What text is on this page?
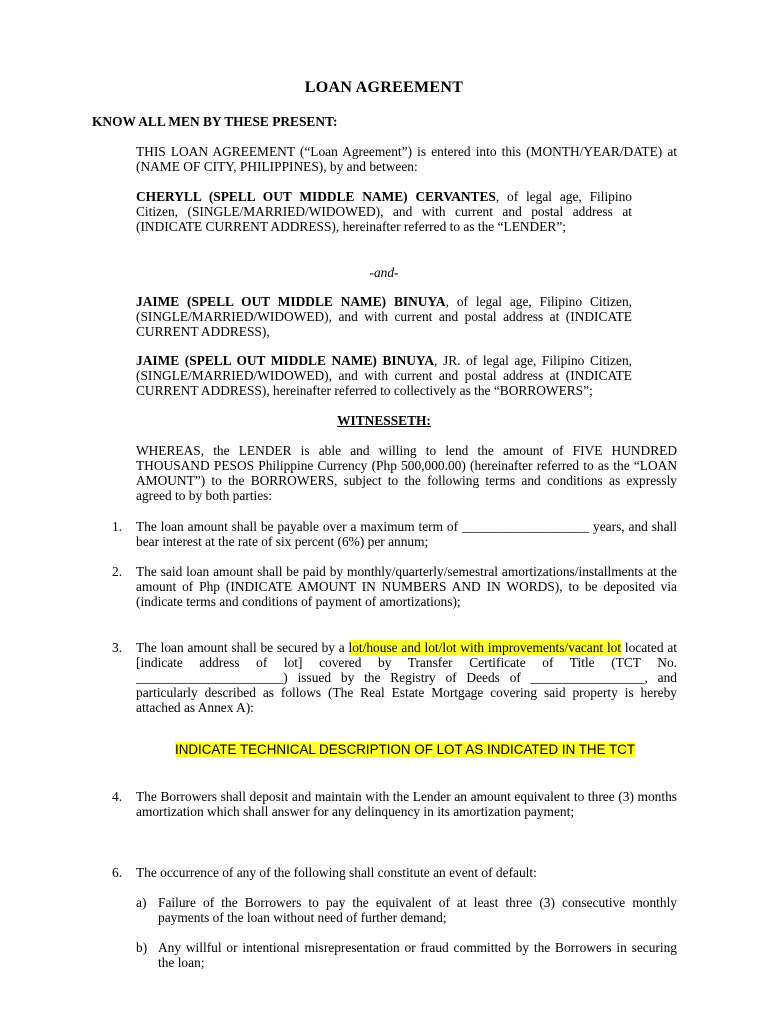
LOAN AGREEMENT
KNOW ALL MEN BY THESE PRESENT:

THIS LOAN AGREEMENT (“Loan Agreement”) is entered into this (MONTH/YEAR/DATE) at (NAME OF CITY, PHILIPPINES), by and between:

CHERYLL (SPELL OUT MIDDLE NAME) CERVANTES, of legal age, Filipino Citizen, (SINGLE/MARRIED/WIDOWED), and with current and postal address at (INDICATE CURRENT ADDRESS), hereinafter referred to as the “LENDER”;

-and-

JAIME (SPELL OUT MIDDLE NAME) BINUYA, of legal age, Filipino Citizen, (SINGLE/MARRIED/WIDOWED), and with current and postal address at (INDICATE CURRENT ADDRESS),

JAIME (SPELL OUT MIDDLE NAME) BINUYA, JR. of legal age, Filipino Citizen, (SINGLE/MARRIED/WIDOWED), and with current and postal address at (INDICATE CURRENT ADDRESS), hereinafter referred to collectively as the “BORROWERS”;

WITNESSETH:

WHEREAS, the LENDER is able and willing to lend the amount of FIVE HUNDRED THOUSAND PESOS Philippine Currency (Php 500,000.00) (hereinafter referred to as the “LOAN AMOUNT”) to the BORROWERS, subject to the following terms and conditions as expressly agreed to by both parties:

1. The loan amount shall be payable over a maximum term of ___________________ years, and shall bear interest at the rate of six percent (6%) per annum;

2. The said loan amount shall be paid by monthly/quarterly/semestral amortizations/installments at the amount of Php (INDICATE AMOUNT IN NUMBERS AND IN WORDS), to be deposited via (indicate terms and conditions of payment of amortizations);

3. The loan amount shall be secured by a lot/house and lot/lot with improvements/vacant lot located at [indicate address of lot] covered by Transfer Certificate of Title (TCT No. ______________________) issued by the Registry of Deeds of _________________, and particularly described as follows (The Real Estate Mortgage covering said property is hereby attached as Annex A):

INDICATE TECHNICAL DESCRIPTION OF LOT AS INDICATED IN THE TCT
4. The Borrowers shall deposit and maintain with the Lender an amount equivalent to three (3) months amortization which shall answer for any delinquency in its amortization payment;

6. The occurrence of any of the following shall constitute an event of default:

a) Failure of the Borrowers to pay the equivalent of at least three (3) consecutive monthly payments of the loan without need of further demand;

b) Any willful or intentional misrepresentation or fraud committed by the Borrowers in securing the loan;
